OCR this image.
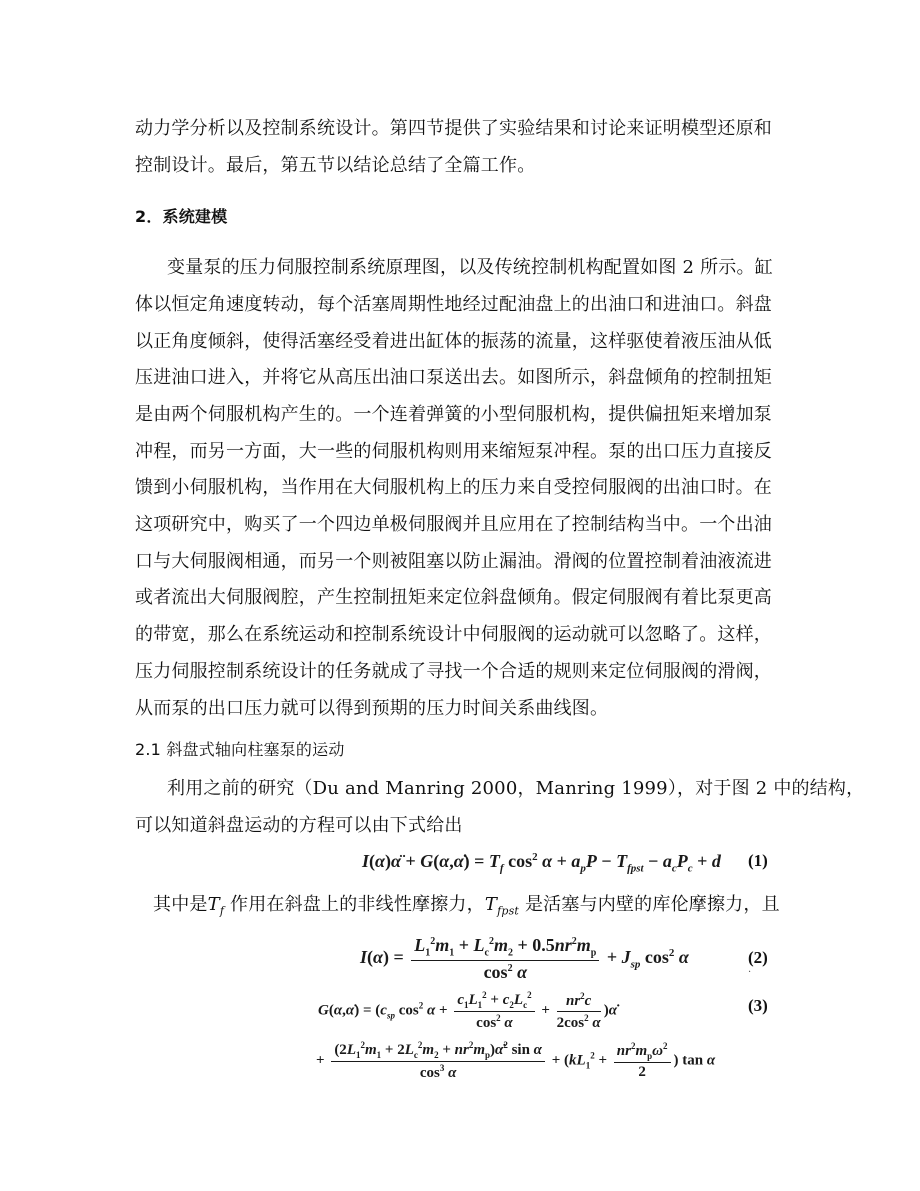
动力学分析以及控制系统设计。第四节提供了实验结果和讨论来证明模型还原和
控制设计。最后，第五节以结论总结了全篇工作。
2．系统建模
变量泵的压力伺服控制系统原理图，以及传统控制机构配置如图 2 所示。缸
体以恒定角速度转动，每个活塞周期性地经过配油盘上的出油口和进油口。斜盘
以正角度倾斜，使得活塞经受着进出缸体的振荡的流量，这样驱使着液压油从低
压进油口进入，并将它从高压出油口泵送出去。如图所示，斜盘倾角的控制扭矩
是由两个伺服机构产生的。一个连着弹簧的小型伺服机构，提供偏扭矩来增加泵
冲程，而另一方面，大一些的伺服机构则用来缩短泵冲程。泵的出口压力直接反
馈到小伺服机构，当作用在大伺服机构上的压力来自受控伺服阀的出油口时。在
这项研究中，购买了一个四边单极伺服阀并且应用在了控制结构当中。一个出油
口与大伺服阀相通，而另一个则被阻塞以防止漏油。滑阀的位置控制着油液流进
或者流出大伺服阀腔，产生控制扭矩来定位斜盘倾角。假定伺服阀有着比泵更高
的带宽，那么在系统运动和控制系统设计中伺服阀的运动就可以忽略了。这样，
压力伺服控制系统设计的任务就成了寻找一个合适的规则来定位伺服阀的滑阀，
从而泵的出口压力就可以得到预期的压力时间关系曲线图。
2.1 斜盘式轴向柱塞泵的运动
利用之前的研究（Du and Manring 2000，Manring 1999），对于图 2 中的结构，
可以知道斜盘运动的方程可以由下式给出
I(α)α̈ + G(α,α̇) = $T_f$ $\cos^2 \alpha + a_pP - T_{fpst} - a_cP_c + d$ (1)
其中是$T_f$ 作用在斜盘上的非线性摩擦力，$T_{fpst}$ 是活塞与内壁的库伦摩擦力，且
$I(\alpha) = \frac{L_1^2m_1 + L_c^2m_2 + 0.5nr^2m_p}{\cos^2 \alpha} + J_{sp}$ $\cos^2 \alpha$	(2)
·
G(α,α̇) = ($c_{sp}$ $\cos^2 \alpha + \frac{c_1L_1^2 + c_2L_c^2}{\cos^2 \alpha} + \frac{nr^2c}{2\cos^2 \alpha}$ )α̇	(3)
+ $\frac{(2L_1^2m_1 + 2L_c^2m_2 + nr^2m_p)\alphȧ^2 \sin \alpha}{\cos^3 \alpha} + (kL_1^2 + \frac{nr^2m_p\omega^2}{2}$ ) tan α
